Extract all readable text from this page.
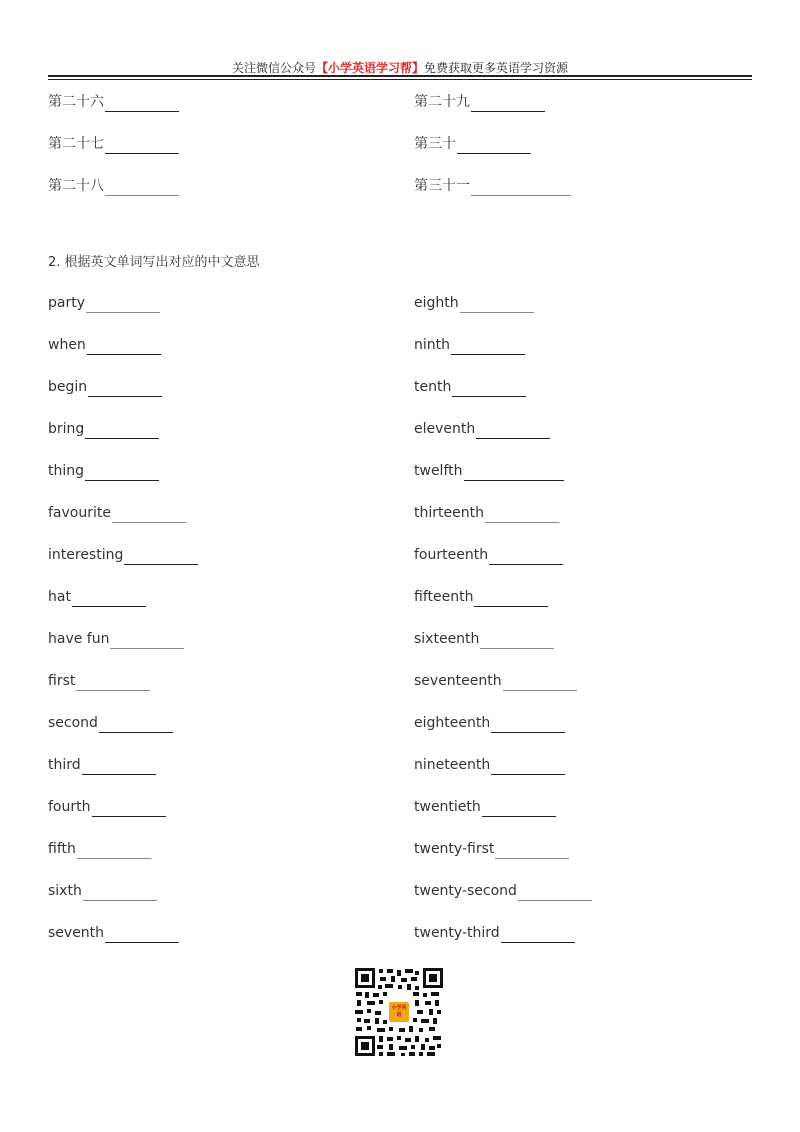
关注微信公众号【小学英语学习帮】免费获取更多英语学习资源
第二十六
第二十七
第二十八
第二十九
第三十
第三十一
2. 根据英文单词写出对应的中文意思
party
when
begin
bring
thing
favourite
interesting
hat
have fun
first
second
third
fourth
fifth
sixth
seventh
eighth
ninth
tenth
eleventh
twelfth
thirteenth
fourteenth
fifteenth
sixteenth
seventeenth
eighteenth
nineteenth
twentieth
twenty-first
twenty-second
twenty-third
小学英语
